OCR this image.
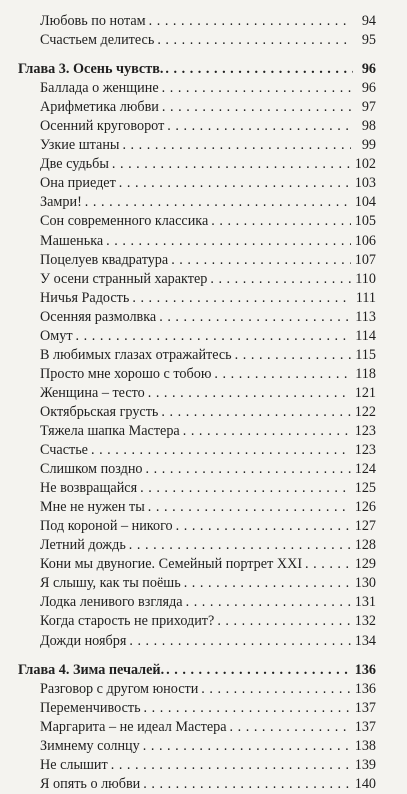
Любовь по нотам . . .	94
Счастьем делитесь . . .	95
Глава 3. Осень чувств. . . .	96
Баллада о женщине . . .	96
Арифметика любви . . .	97
Осенний круговорот . . .	98
Узкие штаны . . .	99
Две судьбы . . .	102
Она приедет . . .	103
Замри! . . .	104
Сон современного классика . . .	105
Машенька . . .	106
Поцелуев квадратура . . .	107
У осени странный характер . . .	110
Ничья Радость . . .	111
Осенняя размолвка . . .	113
Омут . . .	114
В любимых глазах отражайтесь . . .	115
Просто мне хорошо с тобою . . .	118
Женщина – тесто . . .	121
Октябрьская грусть . . .	122
Тяжела шапка Мастера . . .	123
Счастье . . .	123
Слишком поздно . . .	124
Не возвращайся . . .	125
Мне не нужен ты . . .	126
Под короной – никого . . .	127
Летний дождь . . .	128
Кони мы двуногие. Семейный портрет XXI . . .	129
Я слышу, как ты поёшь . . .	130
Лодка ленивого взгляда . . .	131
Когда старость не приходит? . . .	132
Дожди ноября . . .	134
Глава 4. Зима печалей. . . .	136
Разговор с другом юности . . .	136
Переменчивость . . .	137
Маргарита – не идеал Мастера . . .	137
Зимнему солнцу . . .	138
Не слышит . . .	139
Я опять о любви . . .	140
